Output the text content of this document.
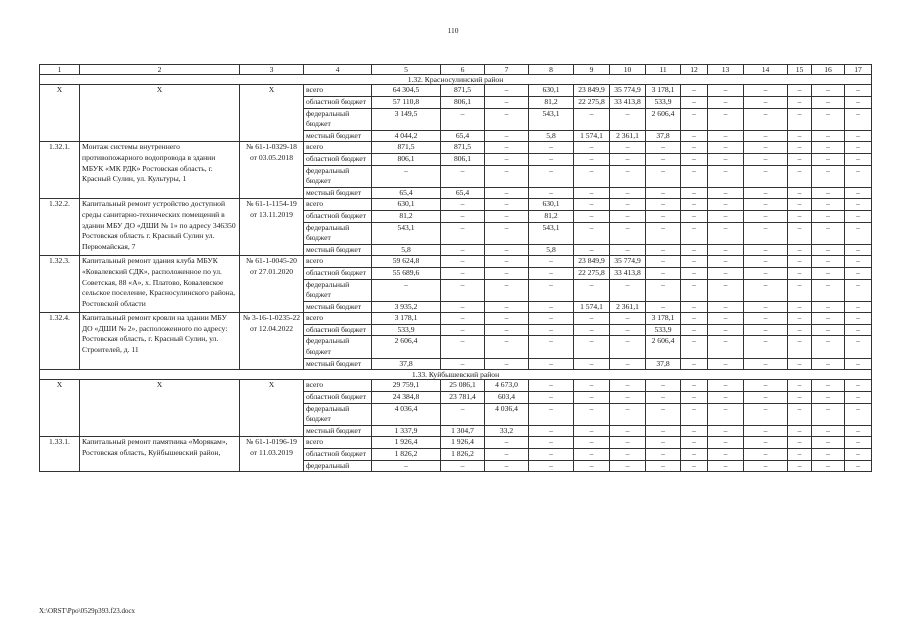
110
1	2	3	4	5	6	7	8	9	10	11	12	13	14	15	16	17
1.32. Красносулинский район																
Х	Х	Х	всего	64 304,5	871,5	–	630,1	23 849,9	35 774,9	3 178,1	–	–	–	–	–	–
			областной бюджет	57 110,8	806,1	–	81,2	22 275,8	33 413,8	533,9	–	–	–	–	–	–
			федеральный бюджет	3 149,5	–	–	543,1	–	–	2 606,4	–	–	–	–	–	–
			местный бюджет	4 044,2	65,4	–	5,8	1 574,1	2 361,1	37,8	–	–	–	–	–	–
1.32.1.	Монтаж системы внутреннего противопожарного водопровода в здании МБУК «МК РДК» Ростовская область, г. Красный Сулин, ул. Культуры, 1	№ 61-1-0329-18 от 03.05.2018	всего	871,5	871,5	–	–	–	–	–	–	–	–	–	–	–
			областной бюджет	806,1	806,1	–	–	–	–	–	–	–	–	–	–	–
			федеральный бюджет	–	–	–	–	–	–	–	–	–	–	–	–	–
			местный бюджет	65,4	65,4	–	–	–	–	–	–	–	–	–	–	–
1.32.2.	Капитальный ремонт устройство доступной среды санитарно-технических помещений в здании МБУ ДО «ДШИ № 1» по адресу 346350 Ростовская область г. Красный Сулин ул. Первомайская, 7	№ 61-1-1154-19 от 13.11.2019	всего	630,1	–	–	630,1	–	–	–	–	–	–	–	–	–
			областной бюджет	81,2	–	–	81,2	–	–	–	–	–	–	–	–	–
			федеральный бюджет	543,1	–	–	543,1	–	–	–	–	–	–	–	–	–
			местный бюджет	5,8	–	–	5,8	–	–	–	–	–	–	–	–	–
1.32.3.	Капитальный ремонт здания клуба МБУК «Ковалевский СДК», расположенное по ул. Советская, 88 «А», х. Платово, Ковалевское сельское поселение, Красносулинского района, Ростовской области	№ 61-1-0045-20 от 27.01.2020	всего	59 624,8	–	–	–	23 849,9	35 774,9	–	–	–	–	–	–	–
			областной бюджет	55 689,6	–	–	–	22 275,8	33 413,8	–	–	–	–	–	–	–
			федеральный бюджет	–	–	–	–	–	–	–	–	–	–	–	–	–
			местный бюджет	3 935,2	–	–	–	1 574,1	2 361,1	–	–	–	–	–	–	–
1.32.4.	Капитальный ремонт кровли на здании МБУ ДО «ДШИ № 2», расположенного по адресу: Ростовская область, г. Красный Сулин, ул. Строителей, д. 11	№ 3-16-1-0235-22 от 12.04.2022	всего	3 178,1	–	–	–	–	–	3 178,1	–	–	–	–	–	–
			областной бюджет	533,9	–	–	–	–	–	533,9	–	–	–	–	–	–
			федеральный бюджет	2 606,4	–	–	–	–	–	2 606,4	–	–	–	–	–	–
			местный бюджет	37,8	–	–	–	–	–	37,8	–	–	–	–	–	–
1.33. Куйбышевский район																
Х	Х	Х	всего	29 759,1	25 086,1	4 673,0	–	–	–	–	–	–	–	–	–	–
			областной бюджет	24 384,8	23 781,4	603,4	–	–	–	–	–	–	–	–	–	–
			федеральный бюджет	4 036,4	–	4 036,4	–	–	–	–	–	–	–	–	–	–
			местный бюджет	1 337,9	1 304,7	33,2	–	–	–	–	–	–	–	–	–	–
1.33.1.	Капитальный ремонт памятника «Морякам», Ростовская область, Куйбышевский район,	№ 61-1-0196-19 от 11.03.2019	всего	1 926,4	1 926,4	–	–	–	–	–	–	–	–	–	–	–
			областной бюджет	1 826,2	1 826,2	–	–	–	–	–	–	–	–	–	–	–
			федеральный	–	–	–	–	–	–	–	–	–	–	–	–	–
X:\ORST\Ppo\0529p393.f23.docx
